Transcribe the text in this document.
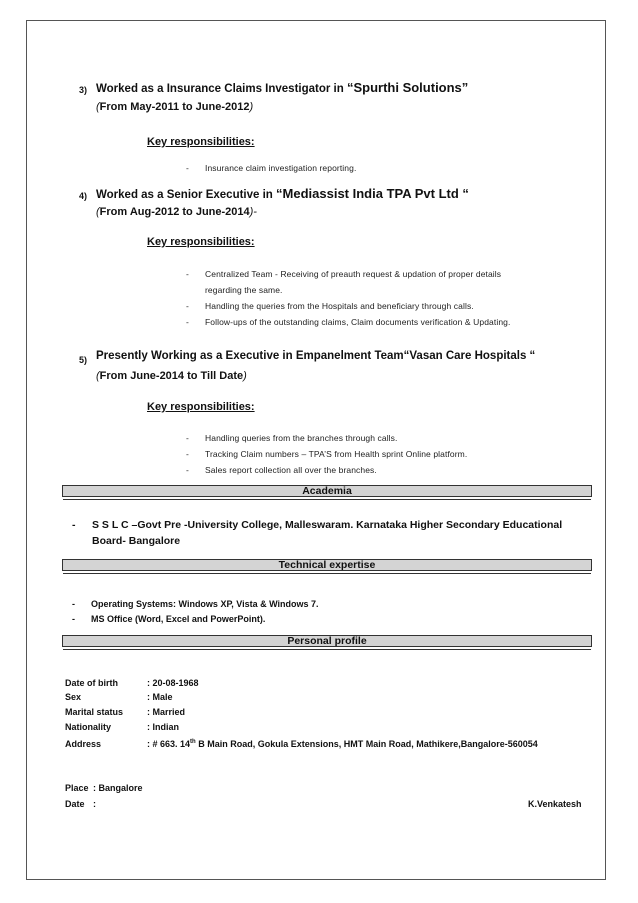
3) Worked as a Insurance Claims Investigator in “Spurthi Solutions”
(From May-2011 to June-2012)
Key responsibilities:
- Insurance claim investigation reporting.
4) Worked as a Senior Executive in “Mediassist India TPA Pvt Ltd “
(From Aug-2012 to June-2014)-
Key responsibilities:
- Centralized Team - Receiving of preauth request & updation of proper details
regarding the same.
- Handling the queries from the Hospitals and beneficiary through calls.
- Follow-ups of the outstanding claims, Claim documents verification & Updating.
5) Presently Working as a Executive in Empanelment Team“Vasan Care Hospitals “
(From June-2014 to Till Date)
Key responsibilities:
- Handling queries from the branches through calls.
- Tracking Claim numbers – TPA’S from Health sprint Online platform.
- Sales report collection all over the branches.
Academia
- S S L C –Govt Pre -University College, Malleswaram. Karnataka Higher Secondary Educational
Board- Bangalore
Technical expertise
- Operating Systems: Windows XP, Vista & Windows 7.
- MS Office (Word, Excel and PowerPoint).
Personal profile
Date of birth	: 20-08-1968
Sex	: Male
Marital status	: Married
Nationality	: Indian
Address	: # 663. 14th B Main Road, Gokula Extensions, HMT Main Road, Mathikere,Bangalore-560054
Place : Bangalore
Date :	K.Venkatesh
